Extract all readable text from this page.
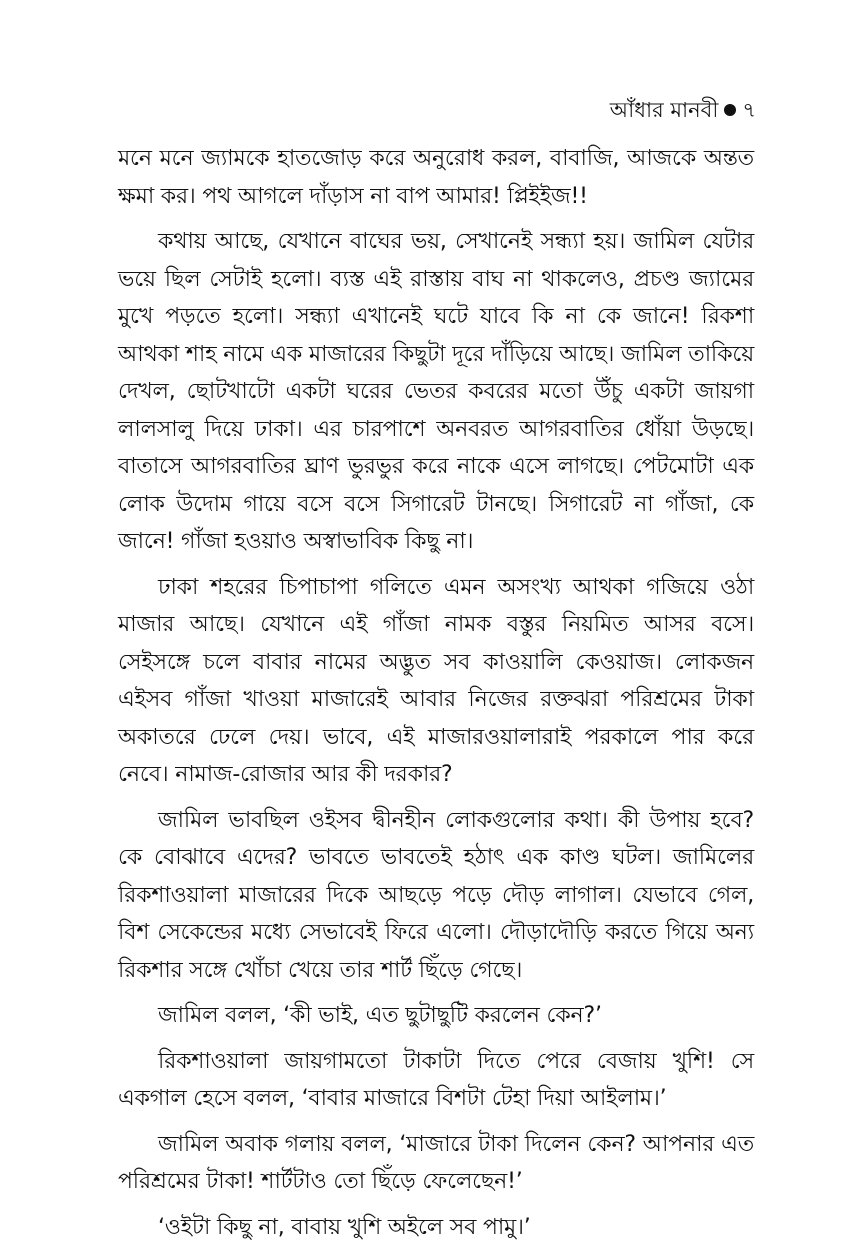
আঁধার মানবী ৭

মনে মনে জ্যামকে হাতজোড় করে অনুরোধ করল, বাবাজি, আজকে অন্তত ক্ষমা কর। পথ আগলে দাঁড়াস না বাপ আমার! প্লিইইজ!!

কথায় আছে, যেখানে বাঘের ভয়, সেখানেই সন্ধ্যা হয়। জামিল যেটার ভয়ে ছিল সেটাই হলো। ব্যস্ত এই রাস্তায় বাঘ না থাকলেও, প্রচণ্ড জ্যামের মুখে পড়তে হলো। সন্ধ্যা এখানেই ঘটে যাবে কি না কে জানে! রিকশা আথকা শাহ নামে এক মাজারের কিছুটা দূরে দাঁড়িয়ে আছে। জামিল তাকিয়ে দেখল, ছোটখাটো একটা ঘরের ভেতর কবরের মতো উঁচু একটা জায়গা লালসালু দিয়ে ঢাকা। এর চারপাশে অনবরত আগরবাতির ধোঁয়া উড়ছে। বাতাসে আগরবাতির ঘ্রাণ ভুরভুর করে নাকে এসে লাগছে। পেটমোটা এক লোক উদোম গায়ে বসে বসে সিগারেট টানছে। সিগারেট না গাঁজা, কে জানে! গাঁজা হওয়াও অস্বাভাবিক কিছু না।

ঢাকা শহরের চিপাচাপা গলিতে এমন অসংখ্য আথকা গজিয়ে ওঠা মাজার আছে। যেখানে এই গাঁজা নামক বস্তুর নিয়মিত আসর বসে। সেইসঙ্গে চলে বাবার নামের অদ্ভুত সব কাওয়ালি কেওয়াজ। লোকজন এইসব গাঁজা খাওয়া মাজারেই আবার নিজের রক্তঝরা পরিশ্রমের টাকা অকাতরে ঢেলে দেয়। ভাবে, এই মাজারওয়ালারাই পরকালে পার করে নেবে। নামাজ-রোজার আর কী দরকার?

জামিল ভাবছিল ওইসব দ্বীনহীন লোকগুলোর কথা। কী উপায় হবে? কে বোঝাবে এদের? ভাবতে ভাবতেই হঠাৎ এক কাণ্ড ঘটল। জামিলের রিকশাওয়ালা মাজারের দিকে আছড়ে পড়ে দৌড় লাগাল। যেভাবে গেল, বিশ সেকেন্ডের মধ্যে সেভাবেই ফিরে এলো। দৌড়াদৌড়ি করতে গিয়ে অন্য রিকশার সঙ্গে খোঁচা খেয়ে তার শার্ট ছিঁড়ে গেছে।

জামিল বলল, ‘কী ভাই, এত ছুটাছুটি করলেন কেন?’

রিকশাওয়ালা জায়গামতো টাকাটা দিতে পেরে বেজায় খুশি! সে একগাল হেসে বলল, ‘বাবার মাজারে বিশটা টেহা দিয়া আইলাম।’

জামিল অবাক গলায় বলল, ‘মাজারে টাকা দিলেন কেন? আপনার এত পরিশ্রমের টাকা! শার্টটাও তো ছিঁড়ে ফেলেছেন!’

‘ওইটা কিছু না, বাবায় খুশি অইলে সব পামু।’
